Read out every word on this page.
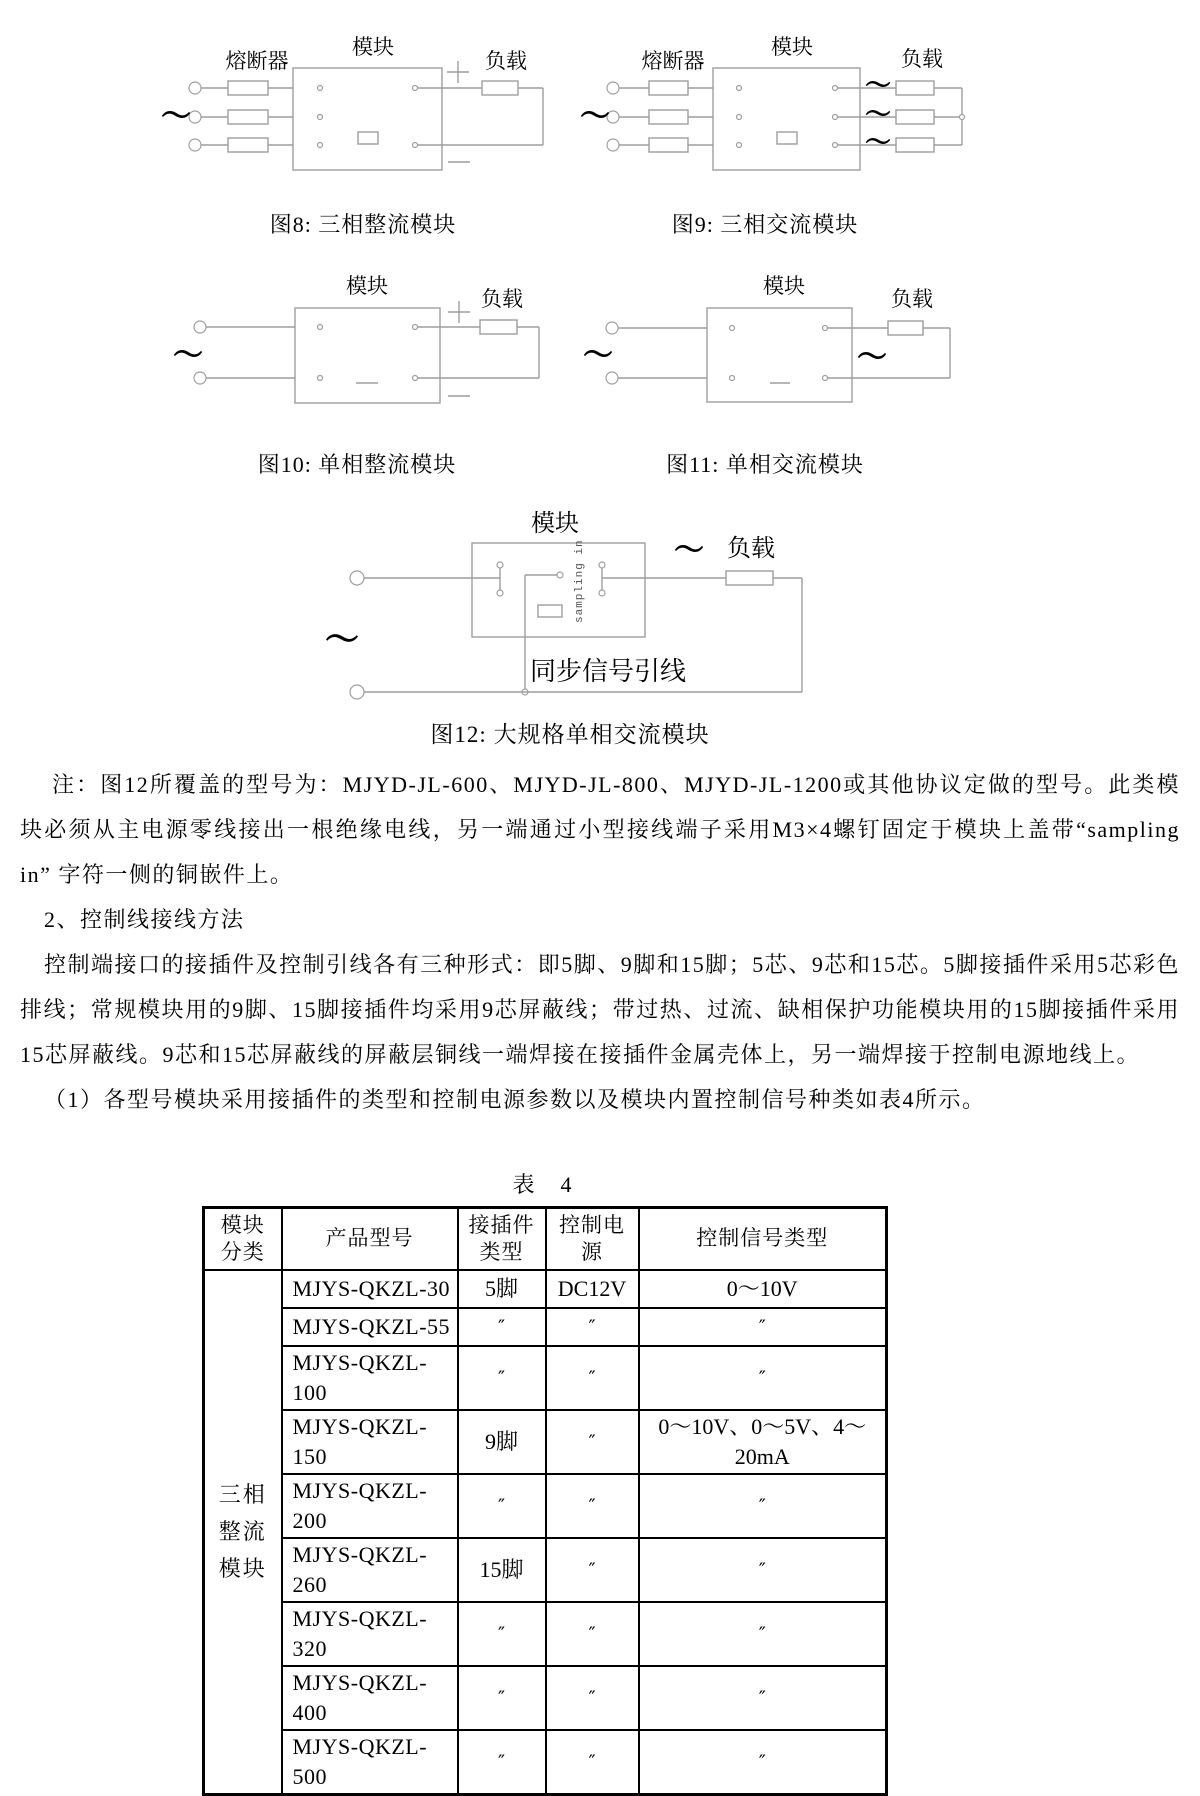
熔断器
模块
负载
～
图8: 三相整流模块
熔断器
模块	负载
～
～
～
～
图9: 三相交流模块
模块
负载
～
图10: 单相整流模块
模块
负载
～	～
图11: 单相交流模块
sampling in
模块
～ 负载
～
同步信号引线
图12: 大规格单相交流模块

注：图12所覆盖的型号为：MJYD-JL-600、MJYD-JL-800、MJYD-JL-1200或其他协议定做的型号。此类模块必须从主电源零线接出一根绝缘电线，另一端通过小型接线端子采用M3×4螺钉固定于模块上盖带“sampling in” 字符一侧的铜嵌件上。

2、控制线接线方法

控制端接口的接插件及控制引线各有三种形式：即5脚、9脚和15脚；5芯、9芯和15芯。5脚接插件采用5芯彩色排线；常规模块用的9脚、15脚接插件均采用9芯屏蔽线；带过热、过流、缺相保护功能模块用的15脚接插件采用15芯屏蔽线。9芯和15芯屏蔽线的屏蔽层铜线一端焊接在接插件金属壳体上，另一端焊接于控制电源地线上。

（1）各型号模块采用接插件的类型和控制电源参数以及模块内置控制信号种类如表4所示。

表　4
模块分类	产品型号	接插件类型	控制电源	控制信号类型
三相
整流
模块	MJYS-QKZL-30	5脚	DC12V	0～10V
	MJYS-QKZL-55	″	″	″
	MJYS-QKZL-100	″	″	″
	MJYS-QKZL-150	9脚	″	0～10V、0～5V、4～20mA
	MJYS-QKZL-200	″	″	″
	MJYS-QKZL-260	15脚	″	″
	MJYS-QKZL-320	″	″	″
	MJYS-QKZL-400	″	″	″
	MJYS-QKZL-500	″	″	″
